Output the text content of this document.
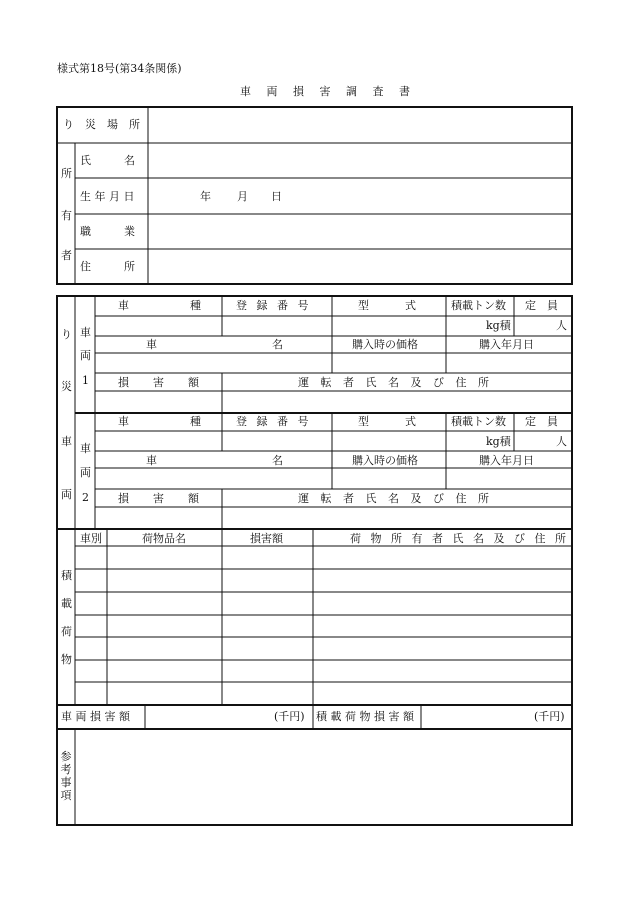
様式第18号(第34条関係)
車 両 損 害 調 査 書
り　災　場　所
所
有
者
氏　　　名
生 年 月 日	年 月 日
職　　　業
住　　　所
り
災
車
両
車
両
1
車
両
2
車	種	登 録 番 号	型	式	積載トン数 定　員
kg積	人
車	名	購入時の価格	購入年月日
損 害 額	運 転 者 氏 名 及 び 住 所
車	種	登 録 番 号	型	式	積載トン数 定　員
kg積	人
車	名	購入時の価格	購入年月日
損 害 額	運 転 者 氏 名 及 び 住 所
積
載
荷
物
車別	荷物品名	損害額	荷 物 所 有 者 氏 名 及 び 住 所
車 両 損 害 額	(千円) 積 載 荷 物 損 害 額	(千円)
参考事項
